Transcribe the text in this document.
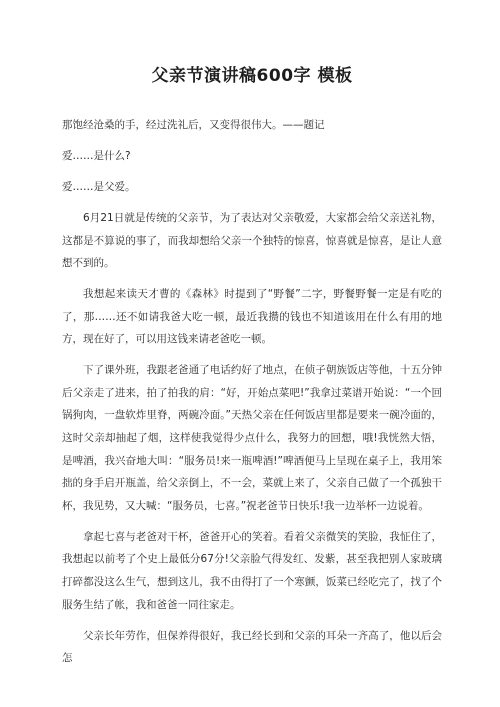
父亲节演讲稿600字 模板

那饱经沧桑的手，经过洗礼后，又变得很伟大。——题记

爱……是什么?

爱……是父爱。

6月21日就是传统的父亲节，为了表达对父亲敬爱，大家都会给父亲送礼物，这都是不算说的事了，而我却想给父亲一个独特的惊喜，惊喜就是惊喜，是让人意想不到的。

我想起来读天才曹的《森林》时提到了“野餐”二字，野餐野餐一定是有吃的了，那……还不如请我爸大吃一顿，最近我攒的钱也不知道该用在什么有用的地方，现在好了，可以用这钱来请老爸吃一顿。

下了课外班，我跟老爸通了电话约好了地点，在侦子朝族饭店等他，十五分钟后父亲走了进来，拍了拍我的肩：“好，开始点菜吧!”我拿过菜谱开始说：“一个回锅狗肉，一盘软炸里脊，两碗冷面。”天热父亲在任何饭店里都是要来一碗冷面的，这时父亲却抽起了烟，这样使我觉得少点什么，我努力的回想，哦!我恍然大悟，是啤酒，我兴奋地大叫：“服务员!来一瓶啤酒!”啤酒便马上呈现在桌子上，我用笨拙的身手启开瓶盖，给父亲倒上，不一会，菜就上来了，父亲自己做了一个孤独干杯，我见势，又大喊：“服务员，七喜。”祝老爸节日快乐!我一边举杯一边说着。

拿起七喜与老爸对干杯，爸爸开心的笑着。看着父亲微笑的笑脸，我怔住了，我想起以前考了个史上最低分67分!父亲脸气得发红、发紫，甚至我把别人家玻璃打碎都没这么生气，想到这儿，我不由得打了一个寒颤，饭菜已经吃完了，找了个服务生结了帐，我和爸爸一同往家走。

父亲长年劳作，但保养得很好，我已经长到和父亲的耳朵一齐高了，他以后会怎
